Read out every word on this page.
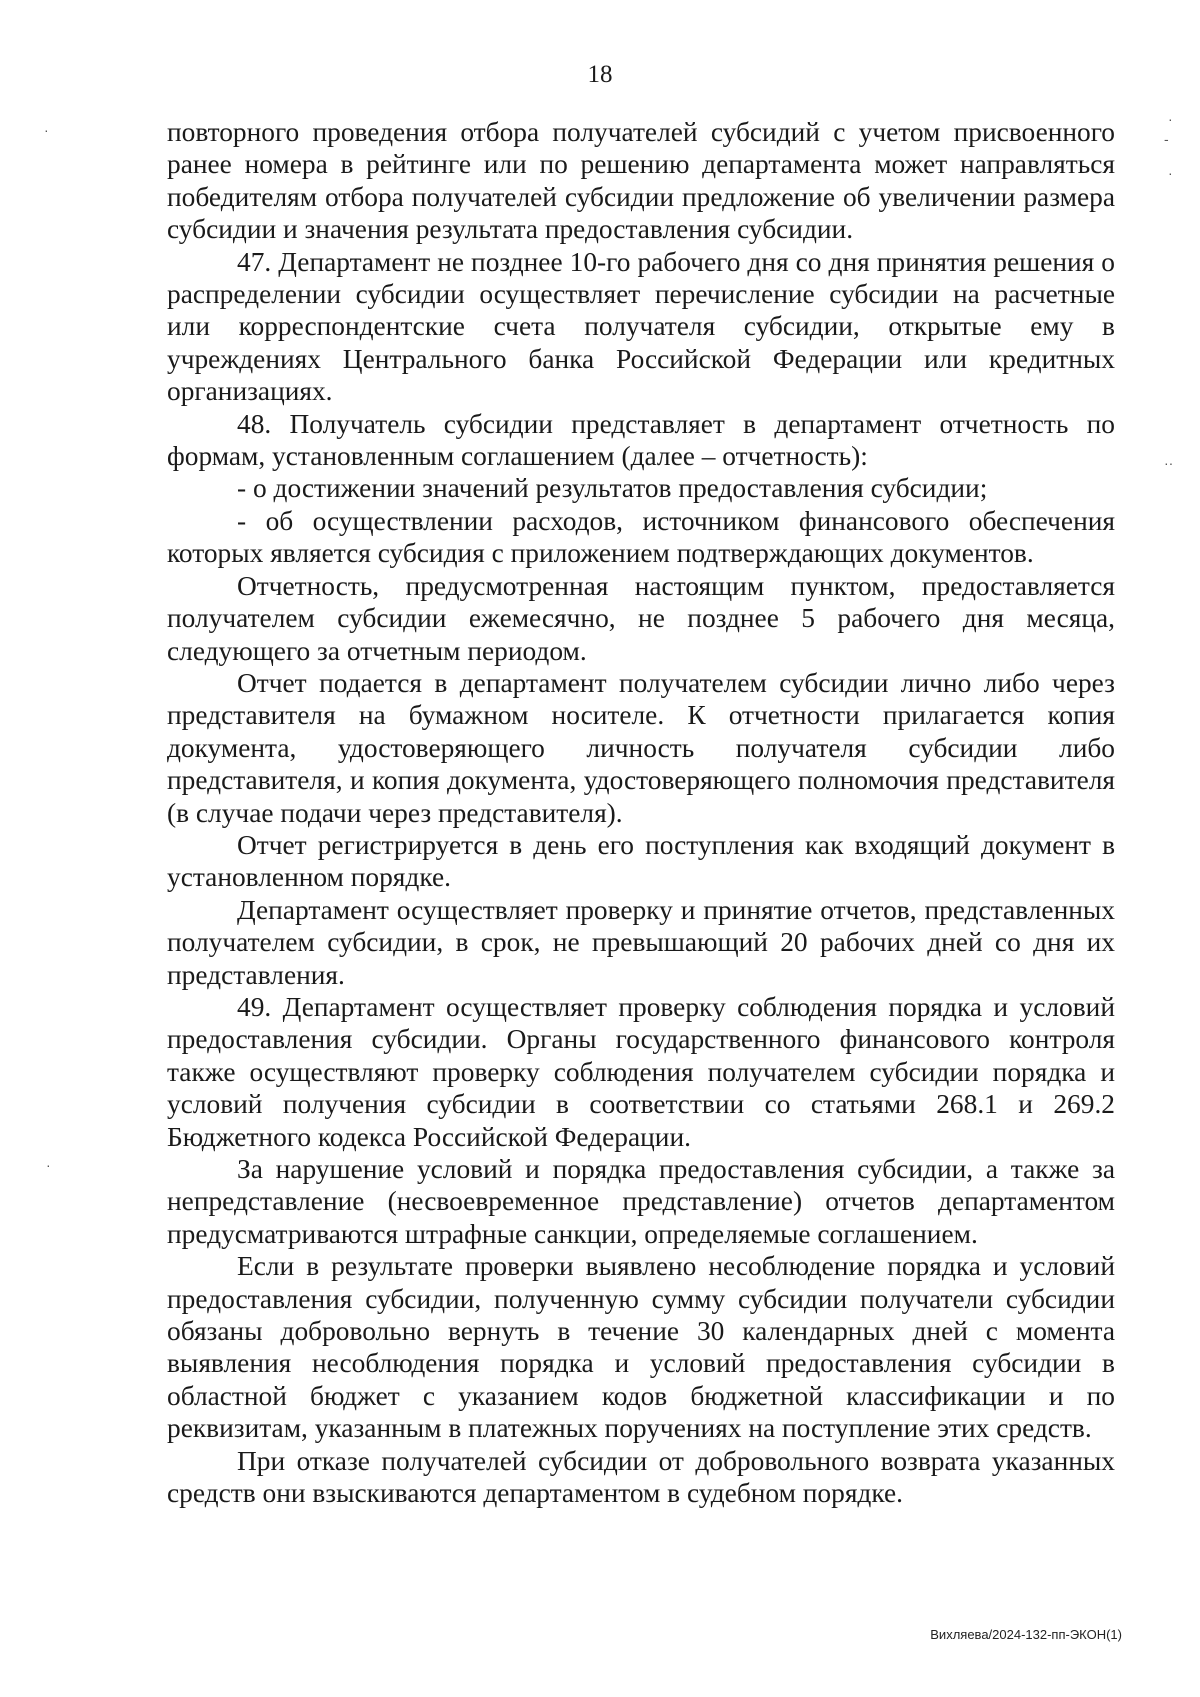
18

повторного проведения отбора получателей субсидий с учетом присвоенного ранее номера в рейтинге или по решению департамента может направляться победителям отбора получателей субсидии предложение об увеличении размера субсидии и значения результата предоставления субсидии.

47. Департамент не позднее 10-го рабочего дня со дня принятия решения о распределении субсидии осуществляет перечисление субсидии на расчетные или корреспондентские счета получателя субсидии, открытые ему в учреждениях Центрального банка Российской Федерации или кредитных организациях.

48. Получатель субсидии представляет в департамент отчетность по формам, установленным соглашением (далее – отчетность):

- о достижении значений результатов предоставления субсидии;

- об осуществлении расходов, источником финансового обеспечения которых является субсидия с приложением подтверждающих документов.

Отчетность, предусмотренная настоящим пунктом, предоставляется получателем субсидии ежемесячно, не позднее 5 рабочего дня месяца, следующего за отчетным периодом.

Отчет подается в департамент получателем субсидии лично либо через представителя на бумажном носителе. К отчетности прилагается копия документа, удостоверяющего личность получателя субсидии либо представителя, и копия документа, удостоверяющего полномочия представителя (в случае подачи через представителя).

Отчет регистрируется в день его поступления как входящий документ в установленном порядке.

Департамент осуществляет проверку и принятие отчетов, представленных получателем субсидии, в срок, не превышающий 20 рабочих дней со дня их представления.

49. Департамент осуществляет проверку соблюдения порядка и условий предоставления субсидии. Органы государственного финансового контроля также осуществляют проверку соблюдения получателем субсидии порядка и условий получения субсидии в соответствии со статьями 268.1 и 269.2 Бюджетного кодекса Российской Федерации.

За нарушение условий и порядка предоставления субсидии, а также за непредставление (несвоевременное представление) отчетов департаментом предусматриваются штрафные санкции, определяемые соглашением.

Если в результате проверки выявлено несоблюдение порядка и условий предоставления субсидии, полученную сумму субсидии получатели субсидии обязаны добровольно вернуть в течение 30 календарных дней с момента выявления несоблюдения порядка и условий предоставления субсидии в областной бюджет с указанием кодов бюджетной классификации и по реквизитам, указанным в платежных поручениях на поступление этих средств.

При отказе получателей субсидии от добровольного возврата указанных средств они взыскиваются департаментом в судебном порядке.

·
·
-
·
··
·
Вихляева/2024-132-пп-ЭКОН(1)
